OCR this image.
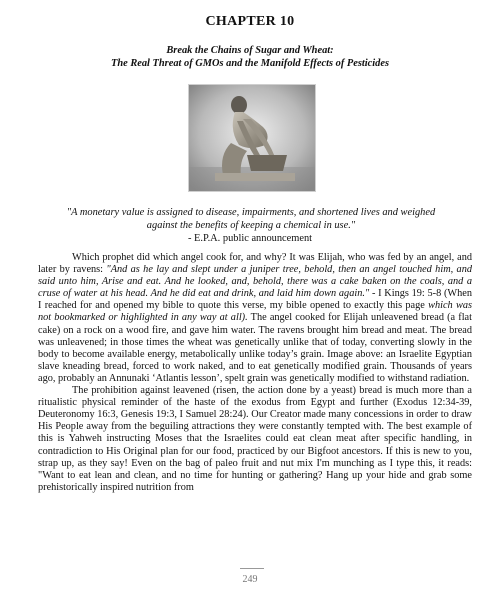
CHAPTER 10
Break the Chains of Sugar and Wheat:
The Real Threat of GMOs and the Manifold Effects of Pesticides
"A monetary value is assigned to disease, impairments, and shortened lives and weighed against the benefits of keeping a chemical in use."
- E.P.A. public announcement

Which prophet did which angel cook for, and why? It was Elijah, who was fed by an angel, and later by ravens: "And as he lay and slept under a juniper tree, behold, then an angel touched him, and said unto him, Arise and eat. And he looked, and, behold, there was a cake baken on the coals, and a cruse of water at his head. And he did eat and drink, and laid him down again." - I Kings 19: 5-8 (When I reached for and opened my bible to quote this verse, my bible opened to exactly this page which was not bookmarked or highlighted in any way at all). The angel cooked for Elijah unleavened bread (a flat cake) on a rock on a wood fire, and gave him water. The ravens brought him bread and meat. The bread was unleavened; in those times the wheat was genetically unlike that of today, converting slowly in the body to become available energy, metabolically unlike today’s grain. Image above: an Israelite Egyptian slave kneading bread, forced to work naked, and to eat genetically modified grain. Thousands of years ago, probably an Annunaki ‘Atlantis lesson’, spelt grain was genetically modified to withstand radiation.

The prohibition against leavened (risen, the action done by a yeast) bread is much more than a ritualistic physical reminder of the haste of the exodus from Egypt and further (Exodus 12:34-39, Deuteronomy 16:3, Genesis 19:3, I Samuel 28:24). Our Creator made many concessions in order to draw His People away from the beguiling attractions they were constantly tempted with. The best example of this is Yahweh instructing Moses that the Israelites could eat clean meat after specific handling, in contradiction to His Original plan for our food, practiced by our Bigfoot ancestors. If this is new to you, strap up, as they say! Even on the bag of paleo fruit and nut mix I'm munching as I type this, it reads: "Want to eat lean and clean, and no time for hunting or gathering? Hang up your hide and grab some prehistorically inspired nutrition from

249
